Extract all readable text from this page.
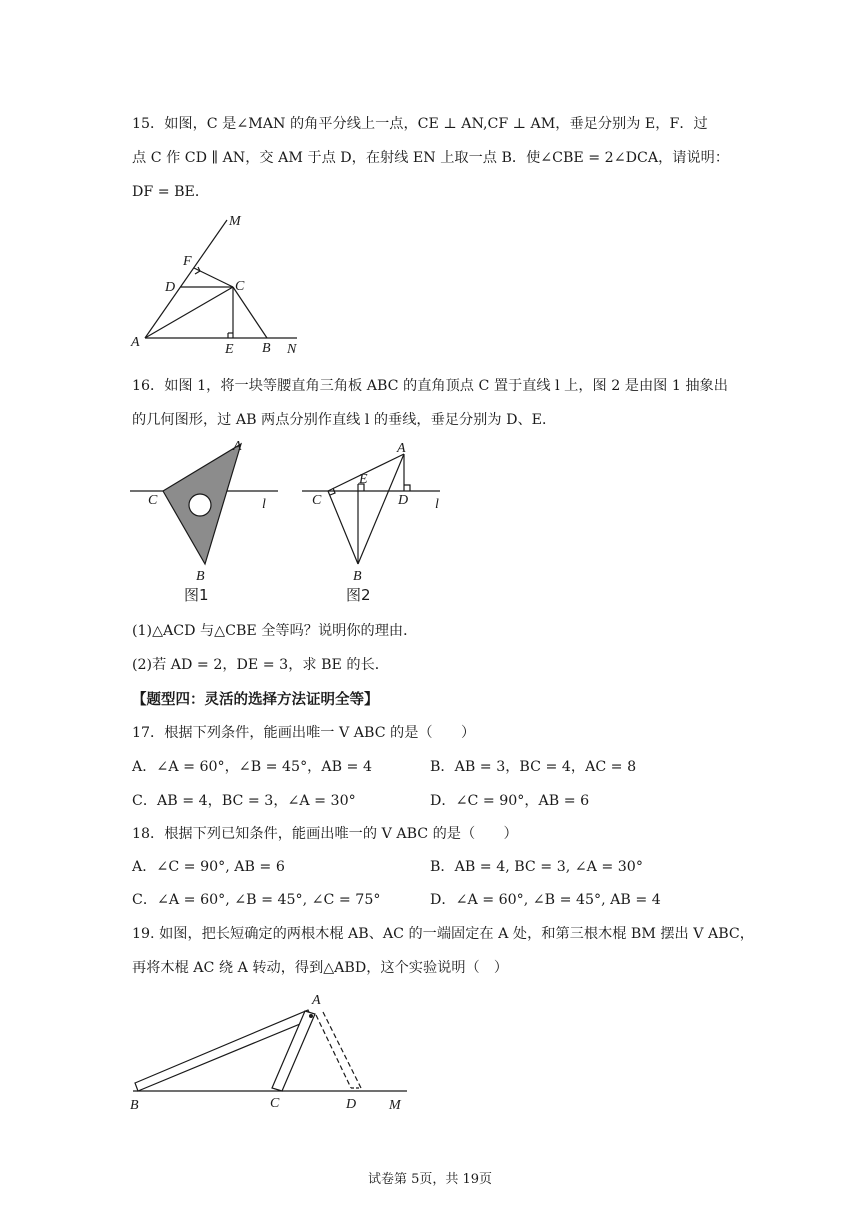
15．如图，C 是∠MAN 的角平分线上一点，CE ⊥ AN,CF ⊥ AM，垂足分别为 E，F．过
点 C 作 CD ∥ AN，交 AM 于点 D，在射线 EN 上取一点 B．使∠CBE = 2∠DCA，请说明：
DF = BE．
M
F
D	C
A	E B N
16．如图 1，将一块等腰直角三角板 ABC 的直角顶点 C 置于直线 l 上，图 2 是由图 1 抽象出
的几何图形，过 AB 两点分别作直线 l 的垂线，垂足分别为 D、E．
A
C	l
B
图1
A
C
E
D l
B
图2
(1)△ACD 与△CBE 全等吗？说明你的理由．
(2)若 AD = 2，DE = 3，求 BE 的长．
【题型四：灵活的选择方法证明全等】
17．根据下列条件，能画出唯一 V ABC 的是（　　）
A．∠A = 60°，∠B = 45°，AB = 4	B．AB = 3，BC = 4，AC = 8
C．AB = 4，BC = 3，∠A = 30°	D．∠C = 90°，AB = 6
18．根据下列已知条件，能画出唯一的 V ABC 的是（　　）
A．∠C = 90°, AB = 6	B．AB = 4, BC = 3, ∠A = 30°
C．∠A = 60°, ∠B = 45°, ∠C = 75°	D．∠A = 60°, ∠B = 45°, AB = 4
19. 如图，把长短确定的两根木棍 AB、AC 的一端固定在 A 处，和第三根木棍 BM 摆出 V ABC，
再将木棍 AC 绕 A 转动，得到△ABD，这个实验说明（　）
A
B	C	D M
试卷第 5页，共 19页
